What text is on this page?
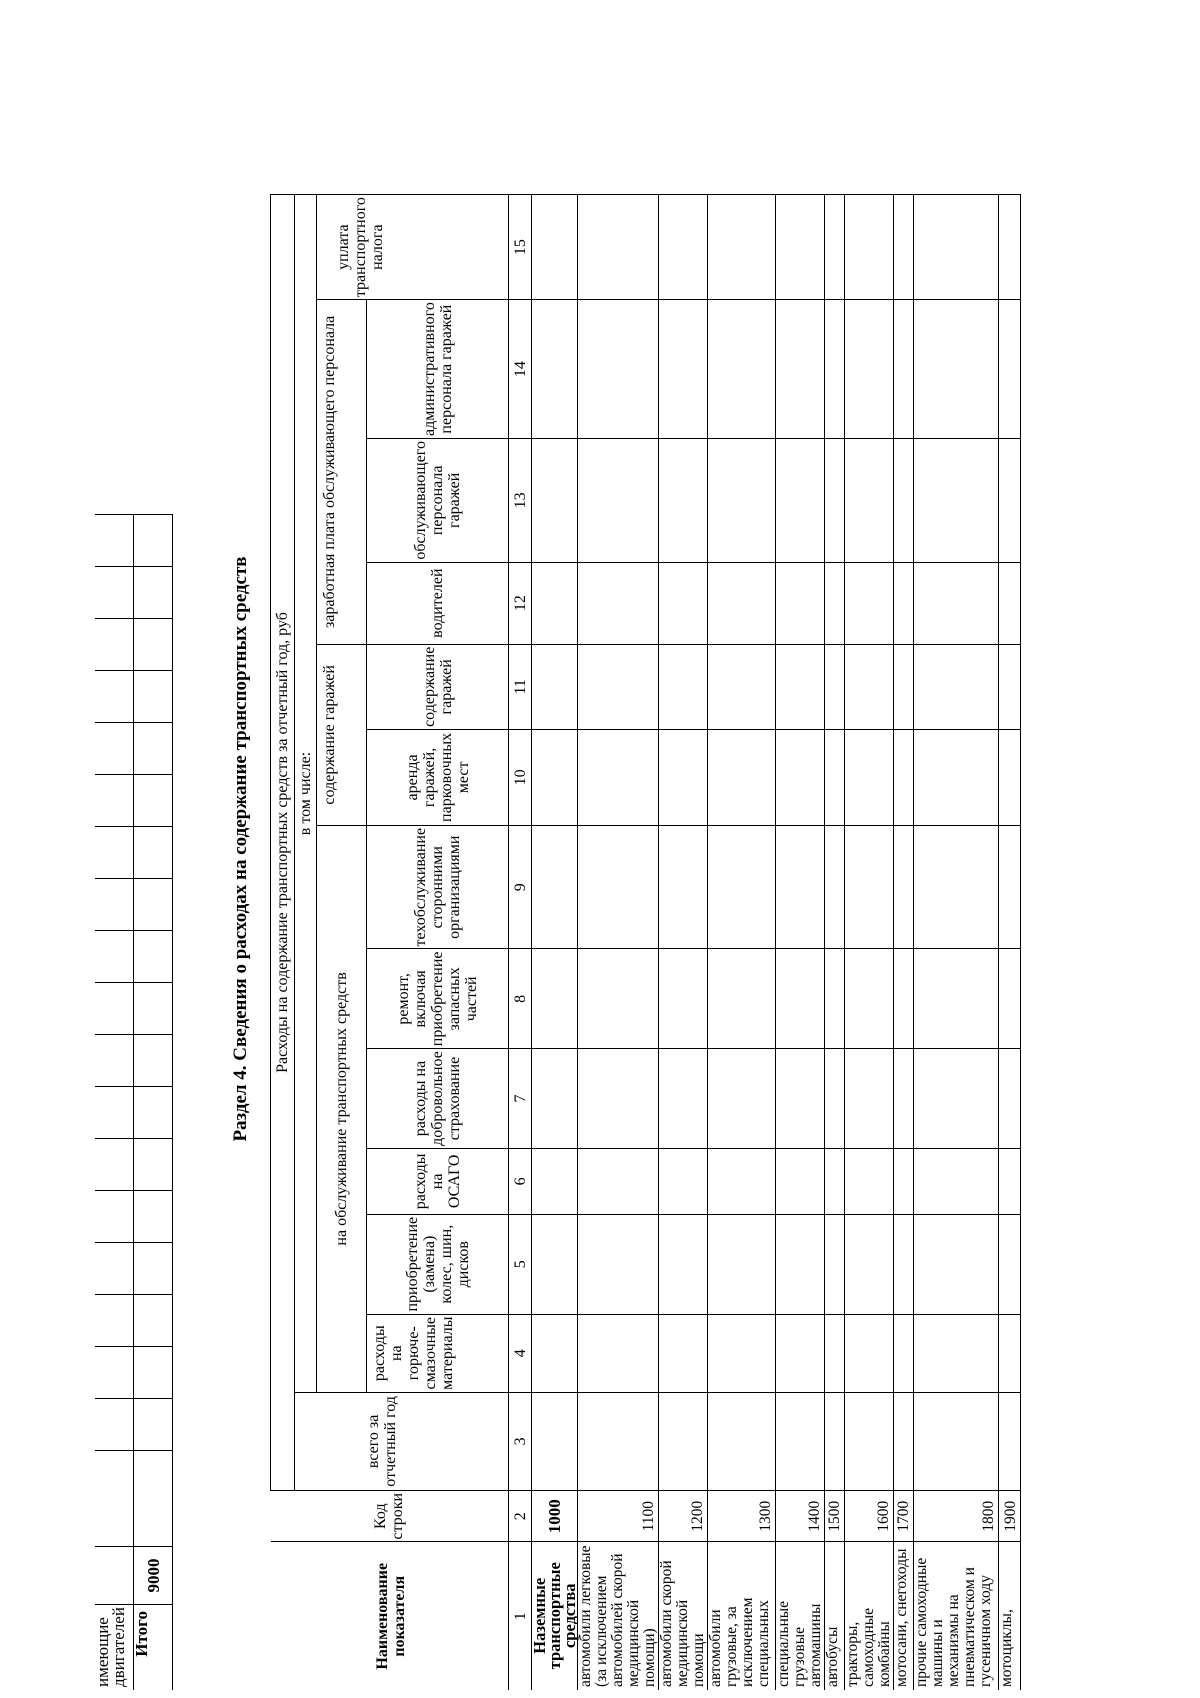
имеющие
двигателей																				

Итого	9000																			
Раздел 4. Сведения о расходах на содержание транспортных средств
Наименование показателя	Код строки	Расходы на содержание транспортных средств за отчетный год, руб												
		всего за отчетный год	в том числе:											
			на обслуживание транспортных средств						содержание гаражей		заработная плата обслуживающего персонала			уплата транспортного налога
			расходы на горюче-смазочные материалы	приобретение (замена) колес, шин, дисков	расходы на ОСАГО	расходы на добровольное страхование	ремонт, включая приобретение запасных частей	техобслуживание сторонними организациями	аренда гаражей, парковочных мест	содержание гаражей	водителей	обслуживающего персонала гаражей	административного персонала гаражей	
1	2	3	4	5	6	7	8	9	10	11	12	13	14	15
Наземные транспортные средства	1000													
автомобили легковые (за исключением автомобилей скорой медицинской помощи)	1100													
автомобили скорой медицинской помощи	1200													
автомобили грузовые, за исключением специальных	1300													
специальные грузовые автомашины	1400													
автобусы	1500													
тракторы, самоходные комбайны	1600													
мотосани, снегоходы	1700													
прочие самоходные машины и механизмы на пневматическом и гусеничном ходу	1800													
мотоциклы,	1900													
